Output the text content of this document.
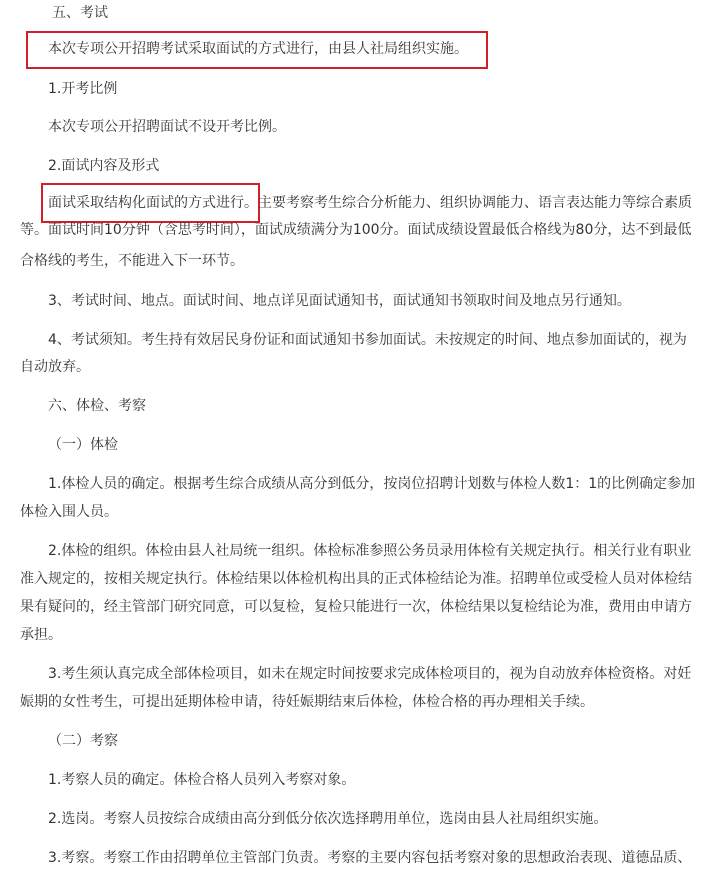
五、考试
本次专项公开招聘考试采取面试的方式进行，由县人社局组织实施。
1.开考比例
本次专项公开招聘面试不设开考比例。
2.面试内容及形式
面试采取结构化面试的方式进行。主要考察考生综合分析能力、组织协调能力、语言表达能力等综合素质
等。面试时间10分钟（含思考时间），面试成绩满分为100分。面试成绩设置最低合格线为80分，达不到最低
合格线的考生，不能进入下一环节。
3、考试时间、地点。面试时间、地点详见面试通知书，面试通知书领取时间及地点另行通知。
4、考试须知。考生持有效居民身份证和面试通知书参加面试。未按规定的时间、地点参加面试的，视为
自动放弃。
六、体检、考察
（一）体检
1.体检人员的确定。根据考生综合成绩从高分到低分，按岗位招聘计划数与体检人数1：1的比例确定参加
体检入围人员。
2.体检的组织。体检由县人社局统一组织。体检标准参照公务员录用体检有关规定执行。相关行业有职业
准入规定的，按相关规定执行。体检结果以体检机构出具的正式体检结论为准。招聘单位或受检人员对体检结
果有疑问的，经主管部门研究同意，可以复检，复检只能进行一次，体检结果以复检结论为准，费用由申请方
承担。
3.考生须认真完成全部体检项目，如未在规定时间按要求完成体检项目的，视为自动放弃体检资格。对妊
娠期的女性考生，可提出延期体检申请，待妊娠期结束后体检，体检合格的再办理相关手续。
（二）考察
1.考察人员的确定。体检合格人员列入考察对象。
2.选岗。考察人员按综合成绩由高分到低分依次选择聘用单位，选岗由县人社局组织实施。
3.考察。考察工作由招聘单位主管部门负责。考察的主要内容包括考察对象的思想政治表现、道德品质、
